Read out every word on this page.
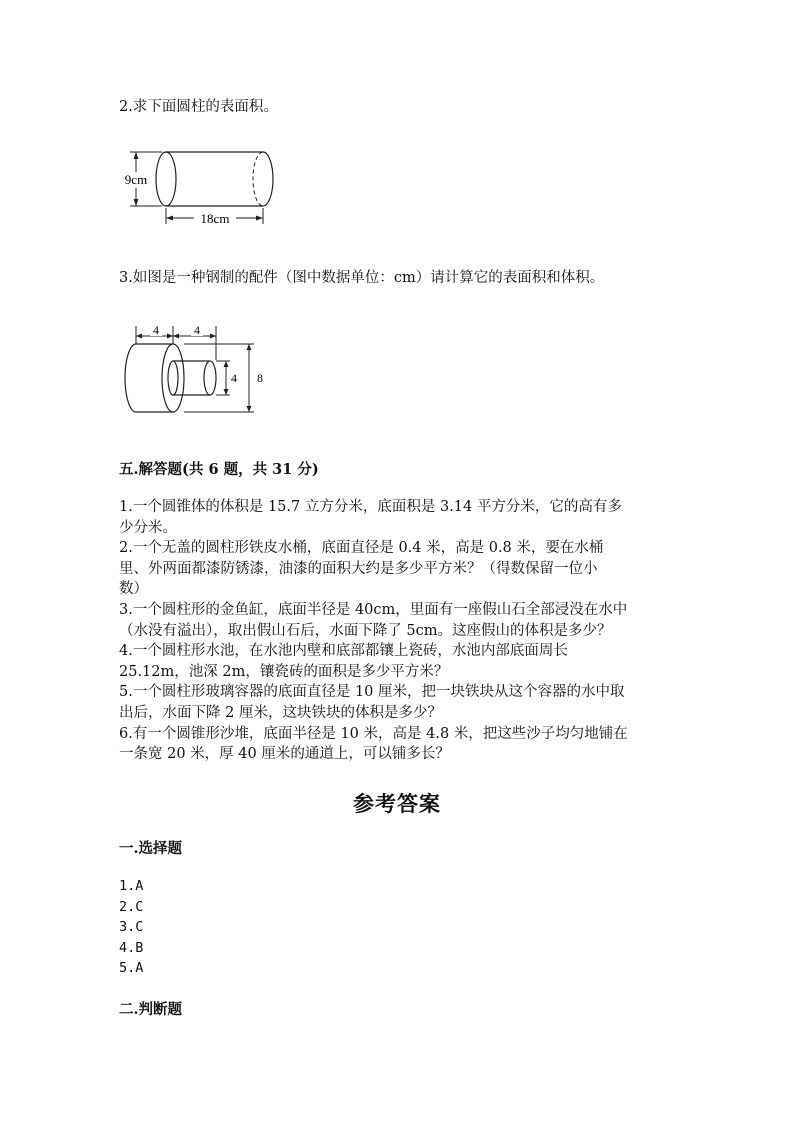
2.求下面圆柱的表面积。
9cm
18cm
3.如图是一种钢制的配件（图中数据单位：cm）请计算它的表面积和体积。
4	4
4 8
五.解答题(共 6 题，共 31 分)
1.一个圆锥体的体积是 15.7 立方分米，底面积是 3.14 平方分米，它的高有多
少分米。
2.一个无盖的圆柱形铁皮水桶，底面直径是 0.4 米，高是 0.8 米，要在水桶
里、外两面都漆防锈漆，油漆的面积大约是多少平方米？（得数保留一位小
数）
3.一个圆柱形的金鱼缸，底面半径是 40cm，里面有一座假山石全部浸没在水中
（水没有溢出），取出假山石后，水面下降了 5cm。这座假山的体积是多少？
4.一个圆柱形水池，在水池内壁和底部都镶上瓷砖，水池内部底面周长
25.12m，池深 2m，镶瓷砖的面积是多少平方米？
5.一个圆柱形玻璃容器的底面直径是 10 厘米，把一块铁块从这个容器的水中取
出后，水面下降 2 厘米，这块铁块的体积是多少？
6.有一个圆锥形沙堆，底面半径是 10 米，高是 4.8 米，把这些沙子均匀地铺在
一条宽 20 米，厚 40 厘米的通道上，可以铺多长？
参考答案
一.选择题
1.A
2.C
3.C
4.B
5.A
二.判断题
